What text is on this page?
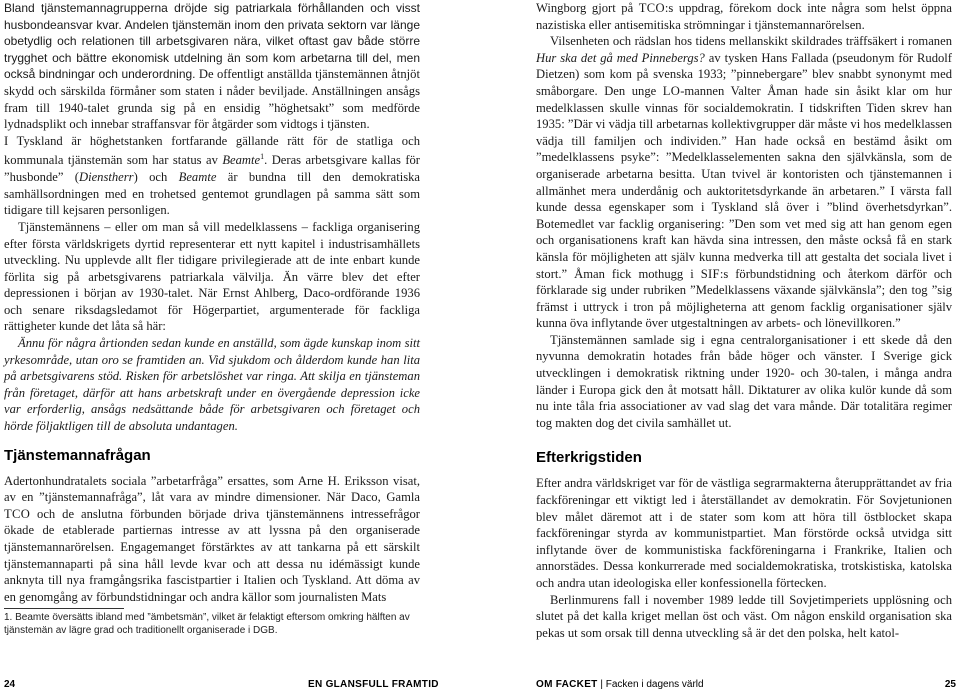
Bland tjänstemannagrupperna dröjde sig patriarkala förhållanden och visst husbondeansvar kvar. Andelen tjänstemän inom den privata sektorn var länge obetydlig och relationen till arbetsgivaren nära, vilket oftast gav både större trygghet och bättre ekonomisk utdelning än som kom arbetarna till del, men också bindningar och underordning. De offentligt anställda tjänstemännen åtnjöt skydd och särskilda förmåner som staten i nåder beviljade. Anställningen ansågs fram till 1940-talet grunda sig på en ensidig ”höghetsakt” som medförde lydnadsplikt och innebar straffansvar för åtgärder som vidtogs i tjänsten.

I Tyskland är höghetstanken fortfarande gällande rätt för de statliga och kommunala tjänstemän som har status av Beamte$^1$. Deras arbetsgivare kallas för ”husbonde” (Dienstherr) och Beamte är bundna till den demokratiska samhällsordningen med en trohetsed gentemot grundlagen på samma sätt som tidigare till kejsaren personligen.

Tjänstemännens – eller om man så vill medelklassens – fackliga organisering efter första världskrigets dyrtid representerar ett nytt kapitel i industrisamhällets utveckling. Nu upplevde allt fler tidigare privilegierade att de inte enbart kunde förlita sig på arbetsgivarens patriarkala välvilja. Än värre blev det efter depressionen i början av 1930-talet. När Ernst Ahlberg, Daco-ordförande 1936 och senare riksdagsledamot för Högerpartiet, argumenterade för fackliga rättigheter kunde det låta så här:

Ännu för några årtionden sedan kunde en anställd, som ägde kunskap inom sitt yrkesområde, utan oro se framtiden an. Vid sjukdom och ålderdom kunde han lita på arbetsgivarens stöd. Risken för arbetslöshet var ringa. Att skilja en tjänsteman från företaget, därför att hans arbetskraft under en övergående depression icke var erforderlig, ansågs nedsättande både för arbetsgivaren och företaget och hörde följaktligen till de absoluta undantagen.

Tjänstemannafrågan

Adertonhundratalets sociala ”arbetarfråga” ersattes, som Arne H. Eriksson visat, av en ”tjänstemannafråga”, låt vara av mindre dimensioner. När Daco, Gamla TCO och de anslutna förbunden började driva tjänstemännens intressefrågor ökade de etablerade partiernas intresse av att lyssna på den organiserade tjänstemannarörelsen. Engagemanget förstärktes av att tankarna på ett särskilt tjänstemannaparti på sina håll levde kvar och att dessa nu idémässigt kunde anknyta till nya framgångsrika fascistpartier i Italien och Tyskland. Att döma av en genomgång av förbundstidningar och andra källor som journalisten Mats

1. Beamte översätts ibland med ”ämbetsmän”, vilket är felaktigt eftersom omkring hälften av tjänstemän av lägre grad och traditionellt organiserade i DGB.

Wingborg gjort på TCO:s uppdrag, förekom dock inte några som helst öppna nazistiska eller antisemitiska strömningar i tjänstemannarörelsen.

Vilsenheten och rädslan hos tidens mellanskikt skildrades träffsäkert i romanen Hur ska det gå med Pinnebergs? av tysken Hans Fallada (pseudonym för Rudolf Dietzen) som kom på svenska 1933; ”pinnebergare” blev snabbt synonymt med småborgare. Den unge LO-mannen Valter Åman hade sin åsikt klar om hur medelklassen skulle vinnas för socialdemokratin. I tidskriften Tiden skrev han 1935: ”Där vi vädja till arbetarnas kollektivgrupper där måste vi hos medelklassen vädja till familjen och individen.” Han hade också en bestämd åsikt om ”medelklassens psyke”: ”Medelklasselementen sakna den självkänsla, som de organiserade arbetarna besitta. Utan tvivel är kontoristen och tjänstemannen i allmänhet mera underdånig och auktoritetsdyrkande än arbetaren.” I värsta fall kunde dessa egenskaper som i Tyskland slå över i ”blind överhetsdyrkan”. Botemedlet var facklig organisering: ”Den som vet med sig att han genom egen och organisationens kraft kan hävda sina intressen, den måste också få en stark känsla för möjligheten att själv kunna medverka till att gestalta det sociala livet i stort.” Åman fick mothugg i SIF:s förbundstidning och återkom därför och förklarade sig under rubriken ”Medelklassens växande självkänsla”; den tog ”sig främst i uttryck i tron på möjligheterna att genom facklig organisationer själv kunna öva inflytande över utgestaltningen av arbets- och lönevillkoren.”

Tjänstemännen samlade sig i egna centralorganisationer i ett skede då den nyvunna demokratin hotades från både höger och vänster. I Sverige gick utvecklingen i demokratisk riktning under 1920- och 30-talen, i många andra länder i Europa gick den åt motsatt håll. Diktaturer av olika kulör kunde då som nu inte tåla fria associationer av vad slag det vara månde. Där totalitära regimer tog makten dog det civila samhället ut.

Efterkrigstiden

Efter andra världskriget var för de västliga segrarmakterna återupprättandet av fria fackföreningar ett viktigt led i återställandet av demokratin. För Sovjetunionen blev målet däremot att i de stater som kom att höra till östblocket skapa fackföreningar styrda av kommunistpartiet. Man förstörde också utvidga sitt inflytande över de kommunistiska fackföreningarna i Frankrike, Italien och annorstädes. Dessa konkurrerade med socialdemokratiska, trotskistiska, katolska och andra utan ideologiska eller konfessionella förtecken.

Berlinmurens fall i november 1989 ledde till Sovjetimperiets upplösning och slutet på det kalla kriget mellan öst och väst. Om någon enskild organisation ska pekas ut som orsak till denna utveckling så är det den polska, helt katol-

24	EN GLANSFULL FRAMTID	OM FACKET | Facken i dagens värld	25
